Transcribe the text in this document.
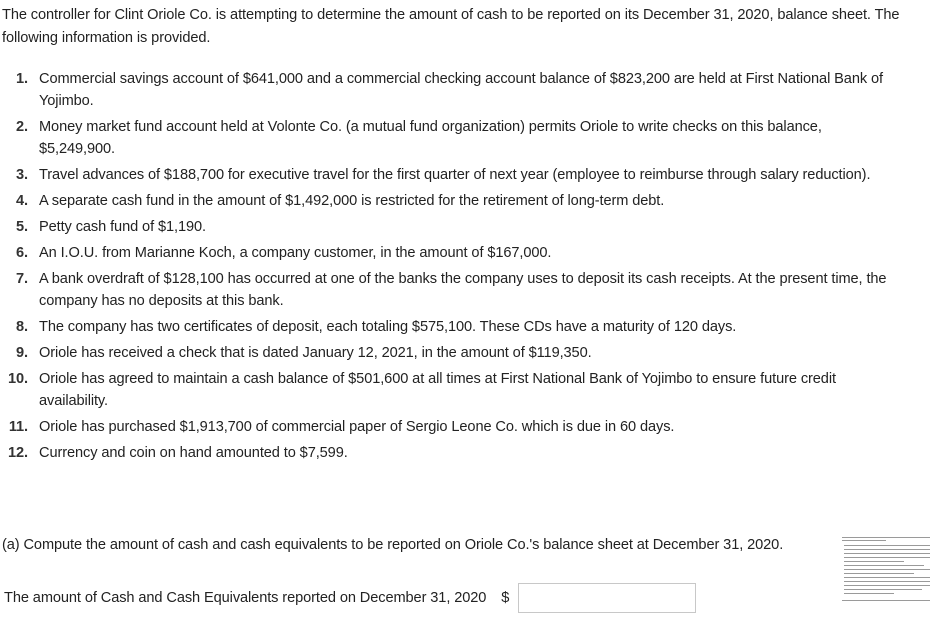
The controller for Clint Oriole Co. is attempting to determine the amount of cash to be reported on its December 31, 2020, balance sheet. The following information is provided.
1. Commercial savings account of $641,000 and a commercial checking account balance of $823,200 are held at First National Bank of Yojimbo.
2. Money market fund account held at Volonte Co. (a mutual fund organization) permits Oriole to write checks on this balance, $5,249,900.
3. Travel advances of $188,700 for executive travel for the first quarter of next year (employee to reimburse through salary reduction).
4. A separate cash fund in the amount of $1,492,000 is restricted for the retirement of long-term debt.
5. Petty cash fund of $1,190.
6. An I.O.U. from Marianne Koch, a company customer, in the amount of $167,000.
7. A bank overdraft of $128,100 has occurred at one of the banks the company uses to deposit its cash receipts. At the present time, the company has no deposits at this bank.
8. The company has two certificates of deposit, each totaling $575,100. These CDs have a maturity of 120 days.
9. Oriole has received a check that is dated January 12, 2021, in the amount of $119,350.
10. Oriole has agreed to maintain a cash balance of $501,600 at all times at First National Bank of Yojimbo to ensure future credit availability.
11. Oriole has purchased $1,913,700 of commercial paper of Sergio Leone Co. which is due in 60 days.
12. Currency and coin on hand amounted to $7,599.
(a) Compute the amount of cash and cash equivalents to be reported on Oriole Co.'s balance sheet at December 31, 2020.
The amount of Cash and Cash Equivalents reported on December 31, 2020 $
